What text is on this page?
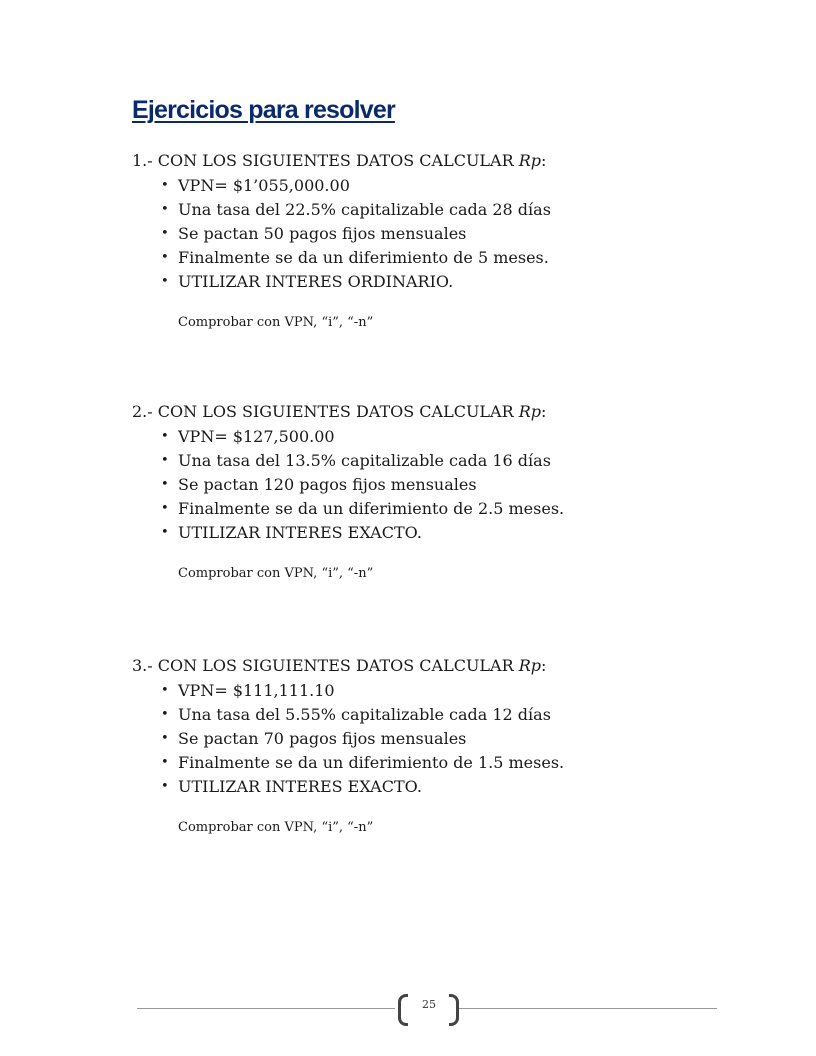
Ejercicios para resolver

1.- CON LOS SIGUIENTES DATOS CALCULAR Rp:

• VPN= $1’055,000.00
• Una tasa del 22.5% capitalizable cada 28 días
• Se pactan 50 pagos fijos mensuales
• Finalmente se da un diferimiento de 5 meses.
• UTILIZAR INTERES ORDINARIO.

Comprobar con VPN, “i”, “-n”

2.- CON LOS SIGUIENTES DATOS CALCULAR Rp:

• VPN= $127,500.00
• Una tasa del 13.5% capitalizable cada 16 días
• Se pactan 120 pagos fijos mensuales
• Finalmente se da un diferimiento de 2.5 meses.
• UTILIZAR INTERES EXACTO.

Comprobar con VPN, “i”, “-n”

3.- CON LOS SIGUIENTES DATOS CALCULAR Rp:

• VPN= $111,111.10
• Una tasa del 5.55% capitalizable cada 12 días
• Se pactan 70 pagos fijos mensuales
• Finalmente se da un diferimiento de 1.5 meses.
• UTILIZAR INTERES EXACTO.

Comprobar con VPN, “i”, “-n”

25
